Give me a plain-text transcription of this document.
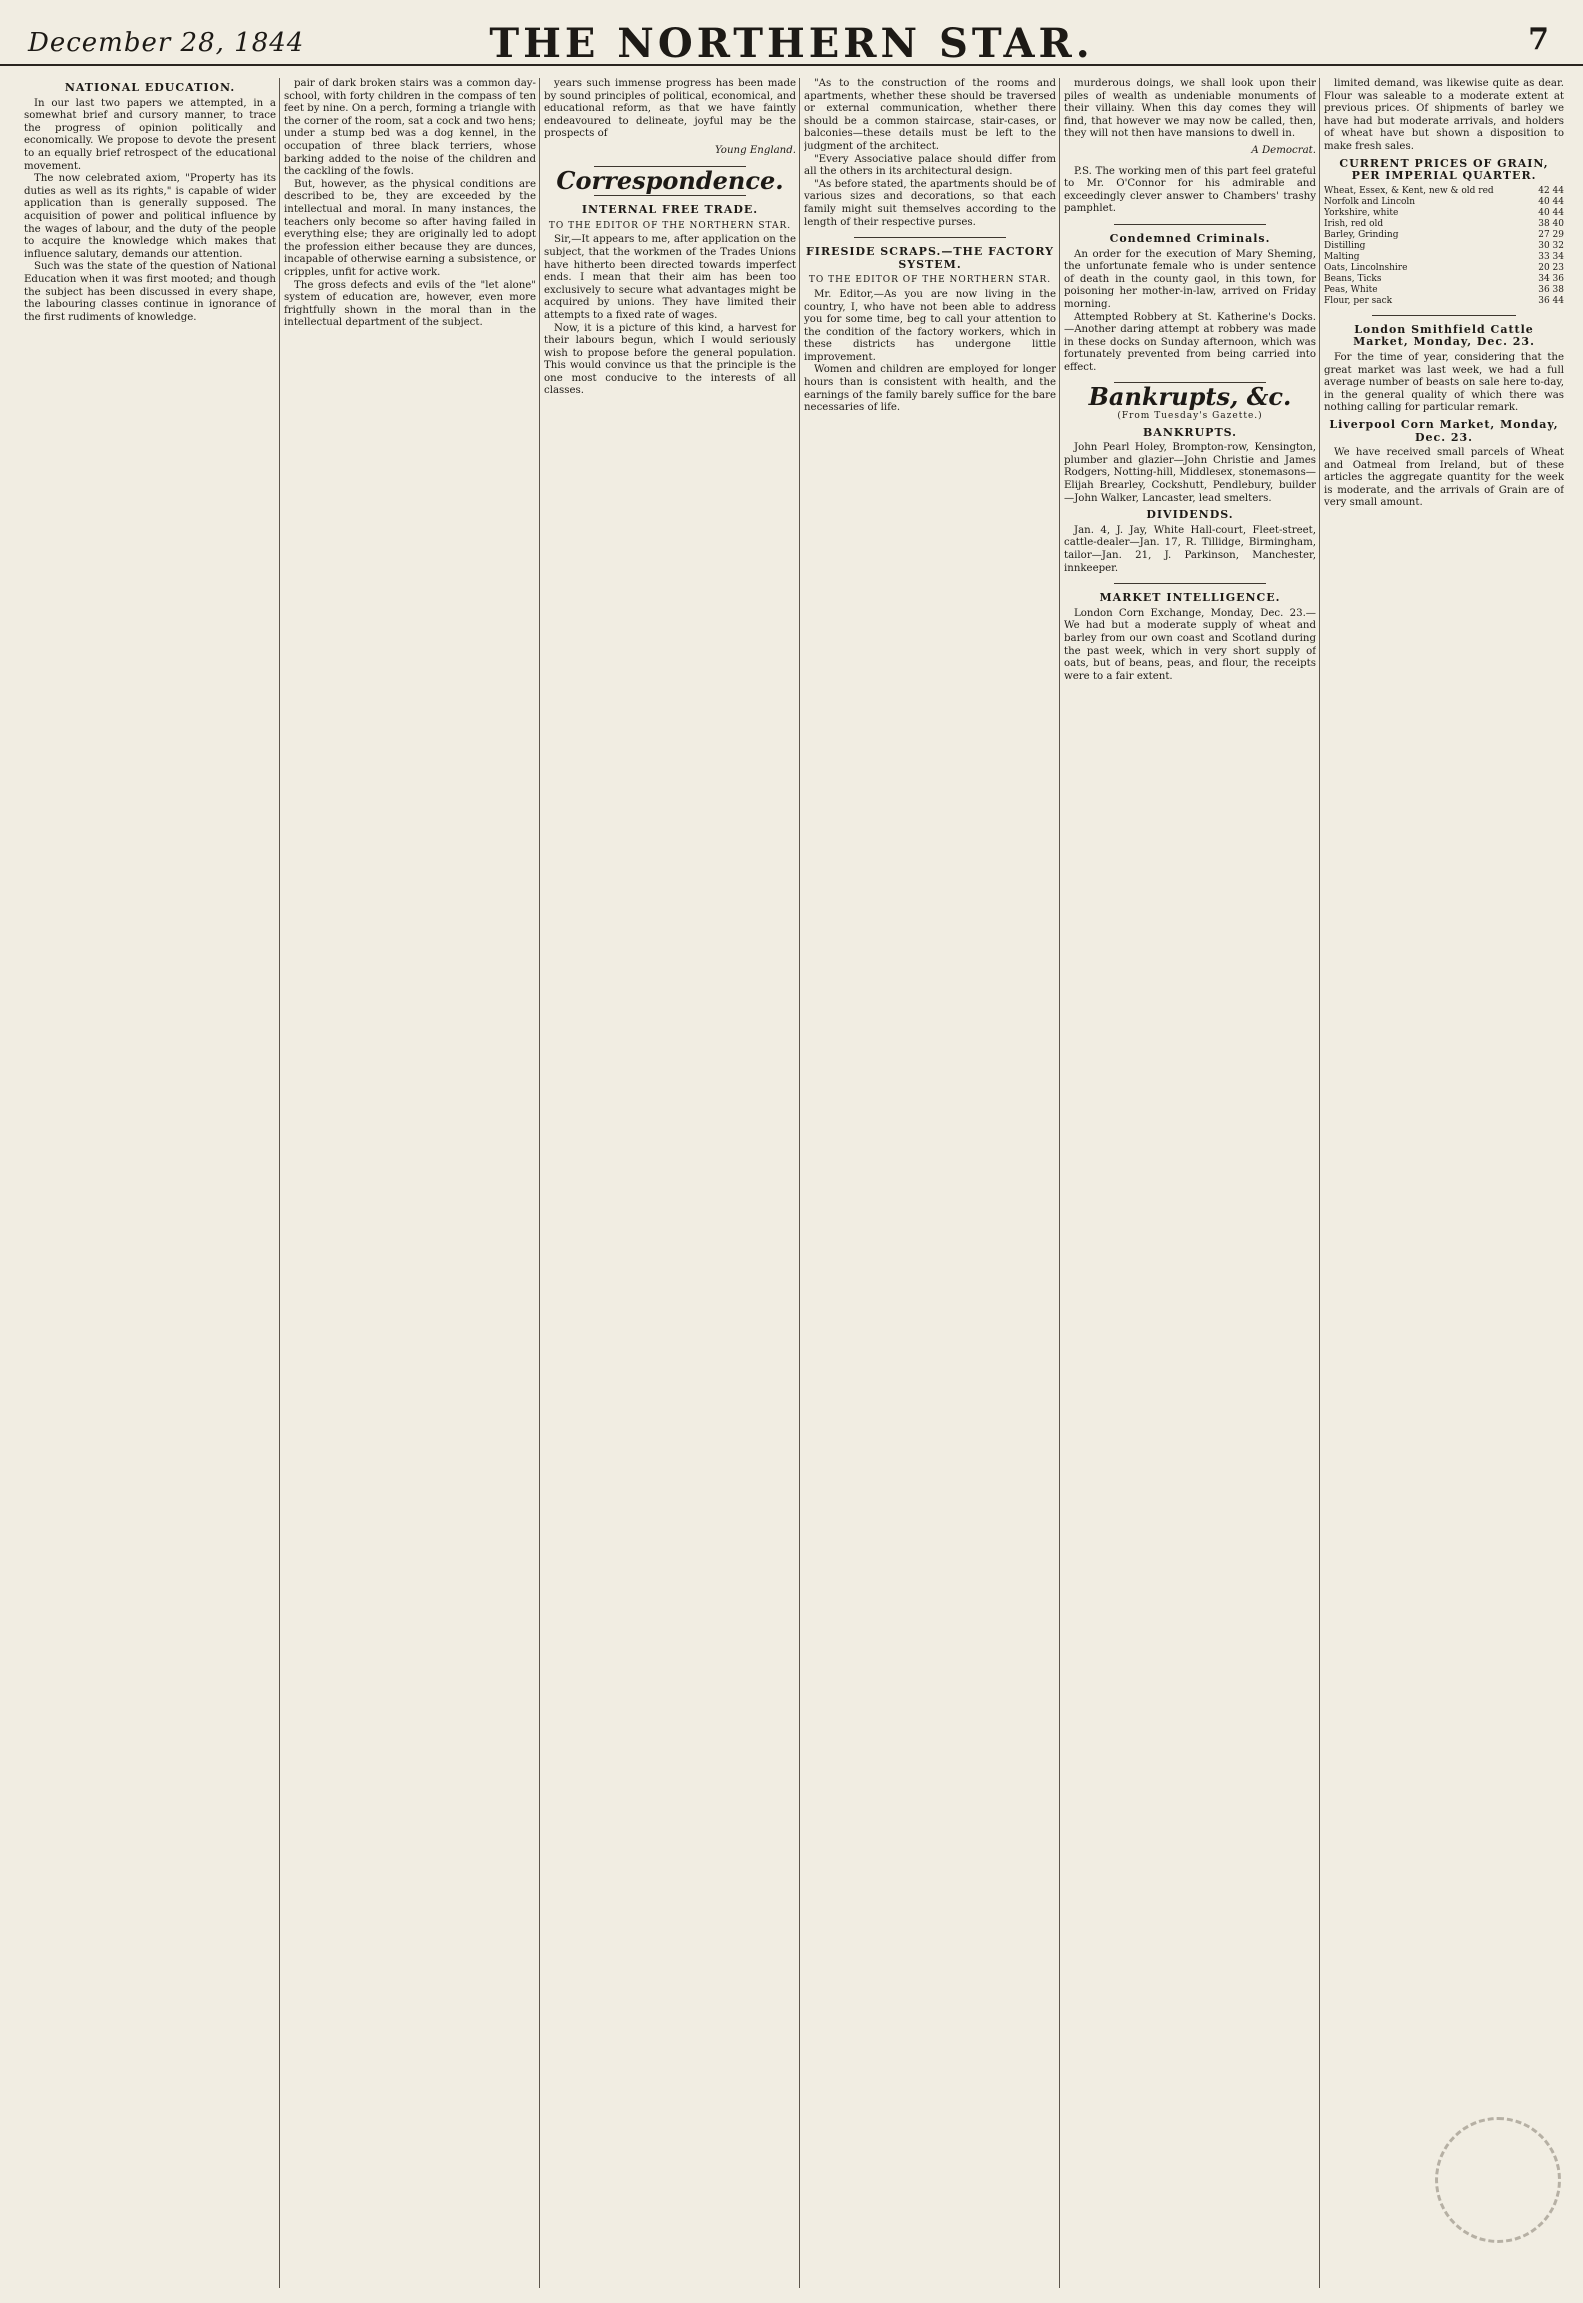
December 28, 1844	THE NORTHERN STAR.	7
NATIONAL EDUCATION.

In our last two papers we attempted, in a somewhat brief and cursory manner, to trace the progress of opinion politically and economically. We propose to devote the present to an equally brief retrospect of the educational movement.

The now celebrated axiom, "Property has its duties as well as its rights," is capable of wider application than is generally supposed. The acquisition of power and political influence by the wages of labour, and the duty of the people to acquire the knowledge which makes that influence salutary, demands our attention.

Such was the state of the question of National Education when it was first mooted; and though the subject has been discussed in every shape, the labouring classes continue in ignorance of the first rudiments of knowledge.

pair of dark broken stairs was a common day-school, with forty children in the compass of ten feet by nine. On a perch, forming a triangle with the corner of the room, sat a cock and two hens; under a stump bed was a dog kennel, in the occupation of three black terriers, whose barking added to the noise of the children and the cackling of the fowls.

But, however, as the physical conditions are described to be, they are exceeded by the intellectual and moral. In many instances, the teachers only become so after having failed in everything else; they are originally led to adopt the profession either because they are dunces, incapable of otherwise earning a subsistence, or cripples, unfit for active work.

The gross defects and evils of the "let alone" system of education are, however, even more frightfully shown in the moral than in the intellectual department of the subject.

years such immense progress has been made by sound principles of political, economical, and educational reform, as that we have faintly endeavoured to delineate, joyful may be the prospects of

Young England.
Correspondence.
INTERNAL FREE TRADE.
TO THE EDITOR OF THE NORTHERN STAR.

Sir,—It appears to me, after application on the subject, that the workmen of the Trades Unions have hitherto been directed towards imperfect ends. I mean that their aim has been too exclusively to secure what advantages might be acquired by unions. They have limited their attempts to a fixed rate of wages.

Now, it is a picture of this kind, a harvest for their labours begun, which I would seriously wish to propose before the general population. This would convince us that the principle is the one most conducive to the interests of all classes.

"As to the construction of the rooms and apartments, whether these should be traversed or external communication, whether there should be a common staircase, stair-cases, or balconies—these details must be left to the judgment of the architect.

"Every Associative palace should differ from all the others in its architectural design.

"As before stated, the apartments should be of various sizes and decorations, so that each family might suit themselves according to the length of their respective purses.

FIRESIDE SCRAPS.—THE FACTORY SYSTEM.
TO THE EDITOR OF THE NORTHERN STAR.

Mr. Editor,—As you are now living in the country, I, who have not been able to address you for some time, beg to call your attention to the condition of the factory workers, which in these districts has undergone little improvement.

Women and children are employed for longer hours than is consistent with health, and the earnings of the family barely suffice for the bare necessaries of life.

murderous doings, we shall look upon their piles of wealth as undeniable monuments of their villainy. When this day comes they will find, that however we may now be called, then, they will not then have mansions to dwell in.

A Democrat.

P.S. The working men of this part feel grateful to Mr. O'Connor for his admirable and exceedingly clever answer to Chambers' trashy pamphlet.

Condemned Criminals.

An order for the execution of Mary Sheming, the unfortunate female who is under sentence of death in the county gaol, in this town, for poisoning her mother-in-law, arrived on Friday morning.

Attempted Robbery at St. Katherine's Docks.—Another daring attempt at robbery was made in these docks on Sunday afternoon, which was fortunately prevented from being carried into effect.

Bankrupts, &c.
(From Tuesday's Gazette.)
BANKRUPTS.

John Pearl Holey, Brompton-row, Kensington, plumber and glazier—John Christie and James Rodgers, Notting-hill, Middlesex, stonemasons—Elijah Brearley, Cockshutt, Pendlebury, builder—John Walker, Lancaster, lead smelters.

DIVIDENDS.

Jan. 4, J. Jay, White Hall-court, Fleet-street, cattle-dealer—Jan. 17, R. Tillidge, Birmingham, tailor—Jan. 21, J. Parkinson, Manchester, innkeeper.

MARKET INTELLIGENCE.

London Corn Exchange, Monday, Dec. 23.—We had but a moderate supply of wheat and barley from our own coast and Scotland during the past week, which in very short supply of oats, but of beans, peas, and flour, the receipts were to a fair extent.

limited demand, was likewise quite as dear. Flour was saleable to a moderate extent at previous prices. Of shipments of barley we have had but moderate arrivals, and holders of wheat have but shown a disposition to make fresh sales.

CURRENT PRICES OF GRAIN, PER IMPERIAL QUARTER.
Wheat, Essex, & Kent, new & old red	42 44
Norfolk and Lincoln	40 44
Yorkshire, white	40 44
Irish, red old	38 40
Barley, Grinding	27 29
Distilling	30 32
Malting	33 34
Oats, Lincolnshire	20 23
Beans, Ticks	34 36
Peas, White	36 38
Flour, per sack	36 44
London Smithfield Cattle Market, Monday, Dec. 23.

For the time of year, considering that the great market was last week, we had a full average number of beasts on sale here to-day, in the general quality of which there was nothing calling for particular remark.

Liverpool Corn Market, Monday, Dec. 23.

We have received small parcels of Wheat and Oatmeal from Ireland, but of these articles the aggregate quantity for the week is moderate, and the arrivals of Grain are of very small amount.
